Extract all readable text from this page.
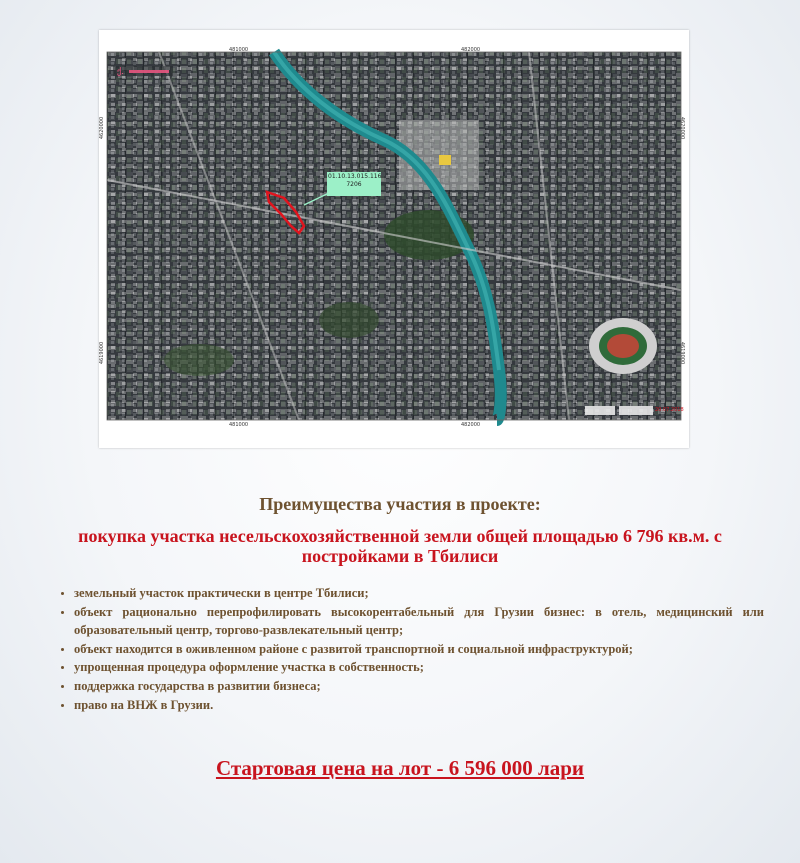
ქ.
481000	482000
481000	482000
4620000
4619000
4620000
4619000
01.10.13.015.116
7206
20.07.2018
Преимущества участия в проекте:
покупка участка несельскохозяйственной земли общей площадью 6 796 кв.м. с постройками в Тбилиси
• земельный участок практически в центре Тбилиси;
• объект рационально перепрофилировать высокорентабельный для Грузии бизнес: в отель, медицинский или образовательный центр, торгово-развлекательный центр;
• объект находится в оживленном районе с развитой транспортной и социальной инфраструктурой;
• упрощенная процедура оформление участка в собственность;
• поддержка государства в развитии бизнеса;
• право на ВНЖ в Грузии.
Стартовая цена на лот - 6 596 000 лари
